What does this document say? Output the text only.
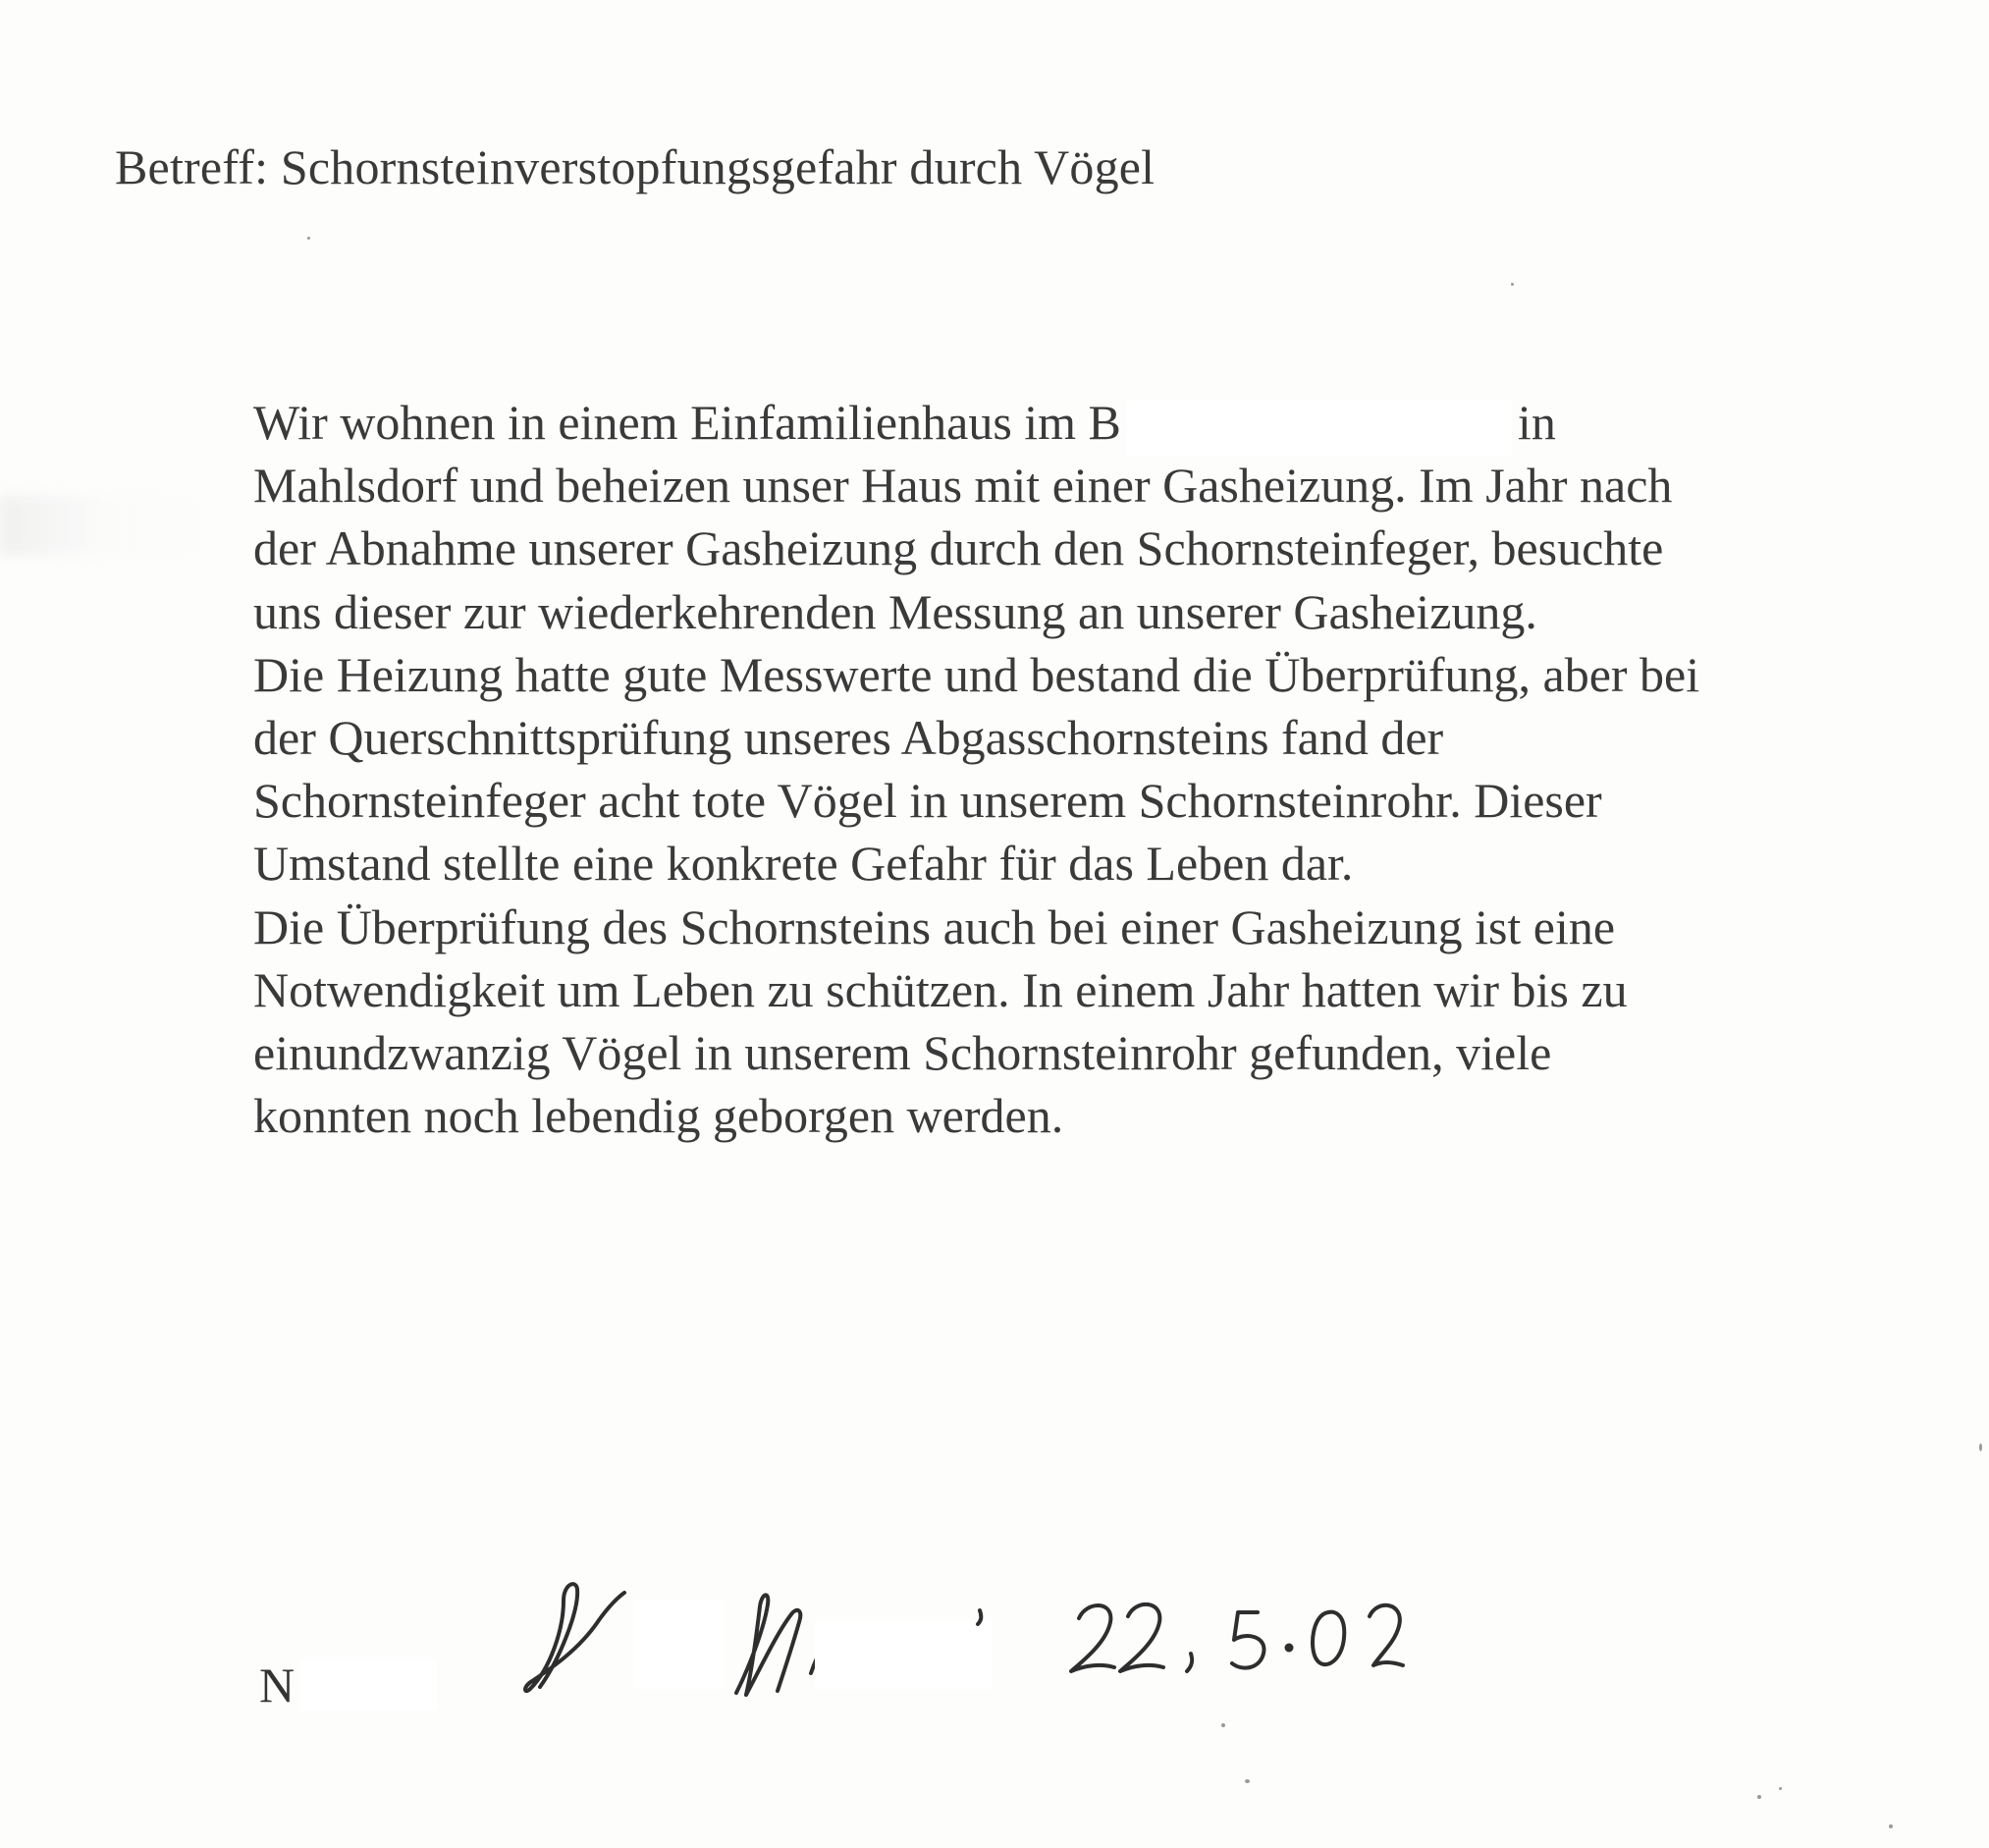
Betreff: Schornsteinverstopfungsgefahr durch Vögel
Wir wohnen in einem Einfamilienhaus im B	in
Mahlsdorf und beheizen unser Haus mit einer Gasheizung. Im Jahr nach
der Abnahme unserer Gasheizung durch den Schornsteinfeger, besuchte
uns dieser zur wiederkehrenden Messung an unserer Gasheizung.
Die Heizung hatte gute Messwerte und bestand die Überprüfung, aber bei
der Querschnittsprüfung unseres Abgasschornsteins fand der
Schornsteinfeger acht tote Vögel in unserem Schornsteinrohr. Dieser
Umstand stellte eine konkrete Gefahr für das Leben dar.
Die Überprüfung des Schornsteins auch bei einer Gasheizung ist eine
Notwendigkeit um Leben zu schützen. In einem Jahr hatten wir bis zu
einundzwanzig Vögel in unserem Schornsteinrohr gefunden, viele
konnten noch lebendig geborgen werden.
N
